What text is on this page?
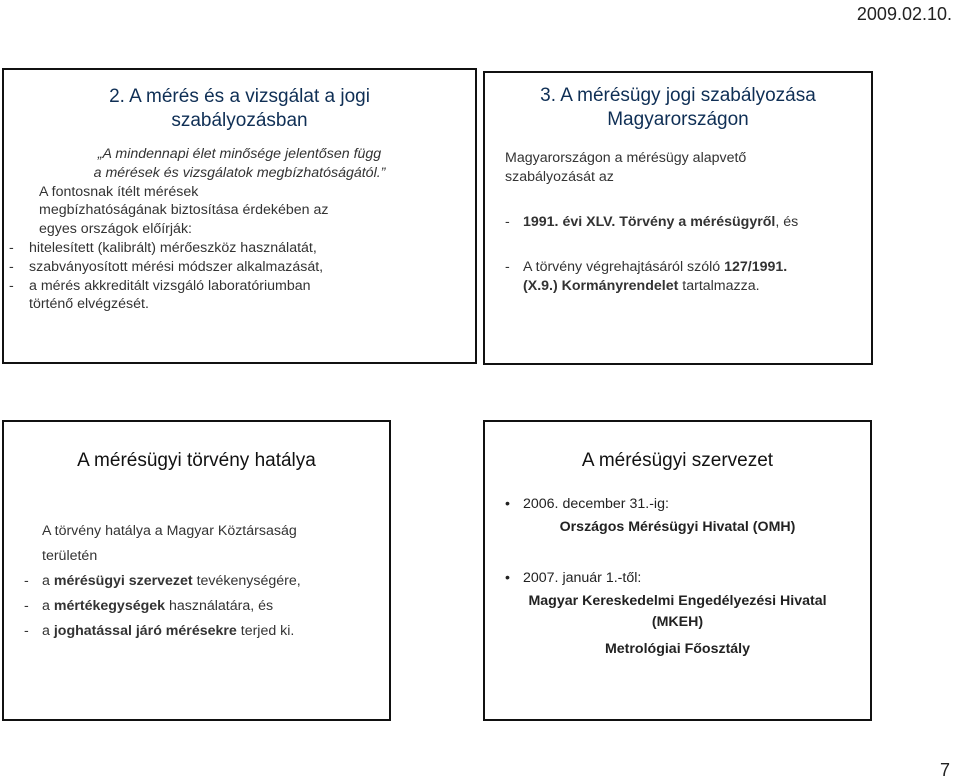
2009.02.10.
2. A mérés és a vizsgálat a jogi
szabályozásban

„A mindennapi élet minősége jelentősen függ

a mérések és vizsgálatok megbízhatóságától.”

A fontosnak ítélt mérések

megbízhatóságának biztosítása érdekében az

egyes országok előírják:

- hitelesített (kalibrált) mérőeszköz használatát,

- szabványosított mérési módszer alkalmazását,

- a mérés akkreditált vizsgáló laboratóriumban

történő elvégzését.

3. A mérésügy jogi szabályozása
Magyarországon

Magyarországon a mérésügy alapvető

szabályozását az

- 1991. évi XLV. Törvény a mérésügyről, és

- A törvény végrehajtásáról szóló 127/1991.

(X.9.) Kormányrendelet tartalmazza.

A mérésügyi törvény hatálya

A törvény hatálya a Magyar Köztársaság

területén

- a mérésügyi szervezet tevékenységére,

- a mértékegységek használatára, és

- a joghatással járó mérésekre terjed ki.

A mérésügyi szervezet

• 2006. december 31.-ig:

Országos Mérésügyi Hivatal (OMH)

• 2007. január 1.-től:

Magyar Kereskedelmi Engedélyezési Hivatal

(MKEH)

Metrológiai Főosztály

7
